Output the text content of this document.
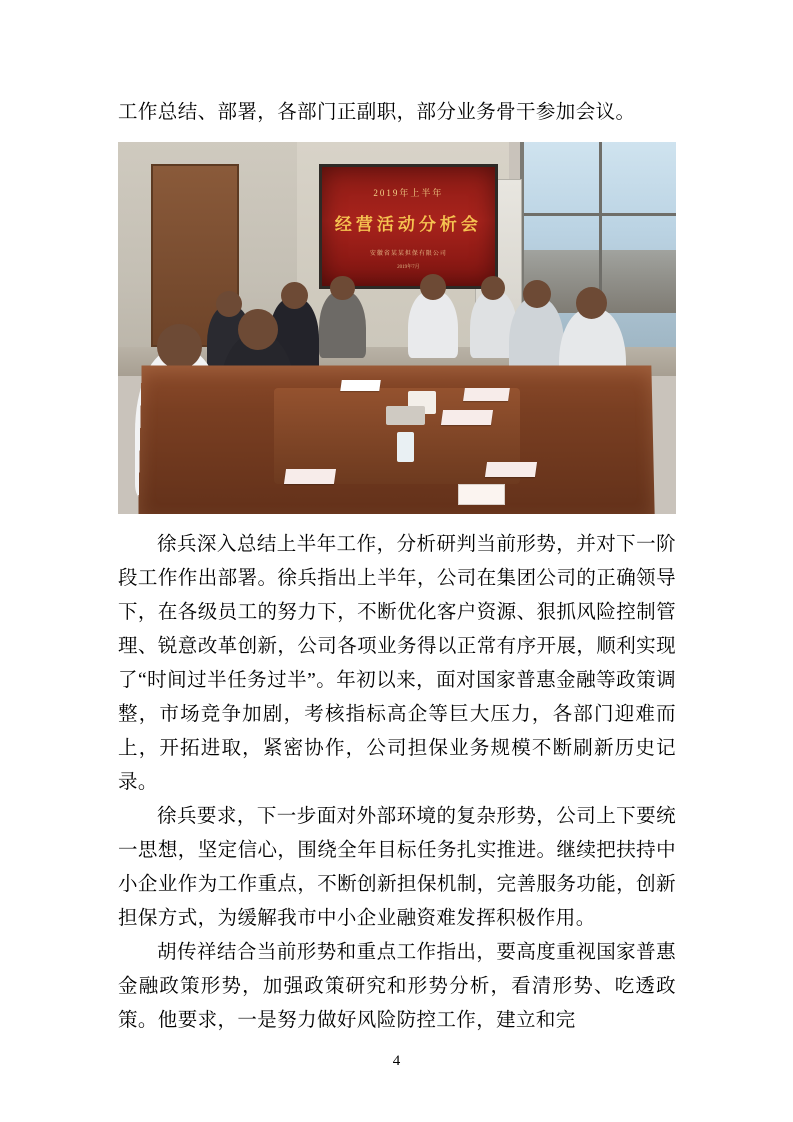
工作总结、部署，各部门正副职，部分业务骨干参加会议。

2019年上半年
经营活动分析会
安徽省某某担保有限公司
2019年7月

徐兵深入总结上半年工作，分析研判当前形势，并对下一阶段工作作出部署。徐兵指出上半年，公司在集团公司的正确领导下，在各级员工的努力下，不断优化客户资源、狠抓风险控制管理、锐意改革创新，公司各项业务得以正常有序开展，顺利实现了“时间过半任务过半”。年初以来，面对国家普惠金融等政策调整，市场竞争加剧，考核指标高企等巨大压力，各部门迎难而上，开拓进取，紧密协作，公司担保业务规模不断刷新历史记录。

徐兵要求，下一步面对外部环境的复杂形势，公司上下要统一思想，坚定信心，围绕全年目标任务扎实推进。继续把扶持中小企业作为工作重点，不断创新担保机制，完善服务功能，创新担保方式，为缓解我市中小企业融资难发挥积极作用。

胡传祥结合当前形势和重点工作指出，要高度重视国家普惠金融政策形势，加强政策研究和形势分析，看清形势、吃透政策。他要求，一是努力做好风险防控工作，建立和完

4
